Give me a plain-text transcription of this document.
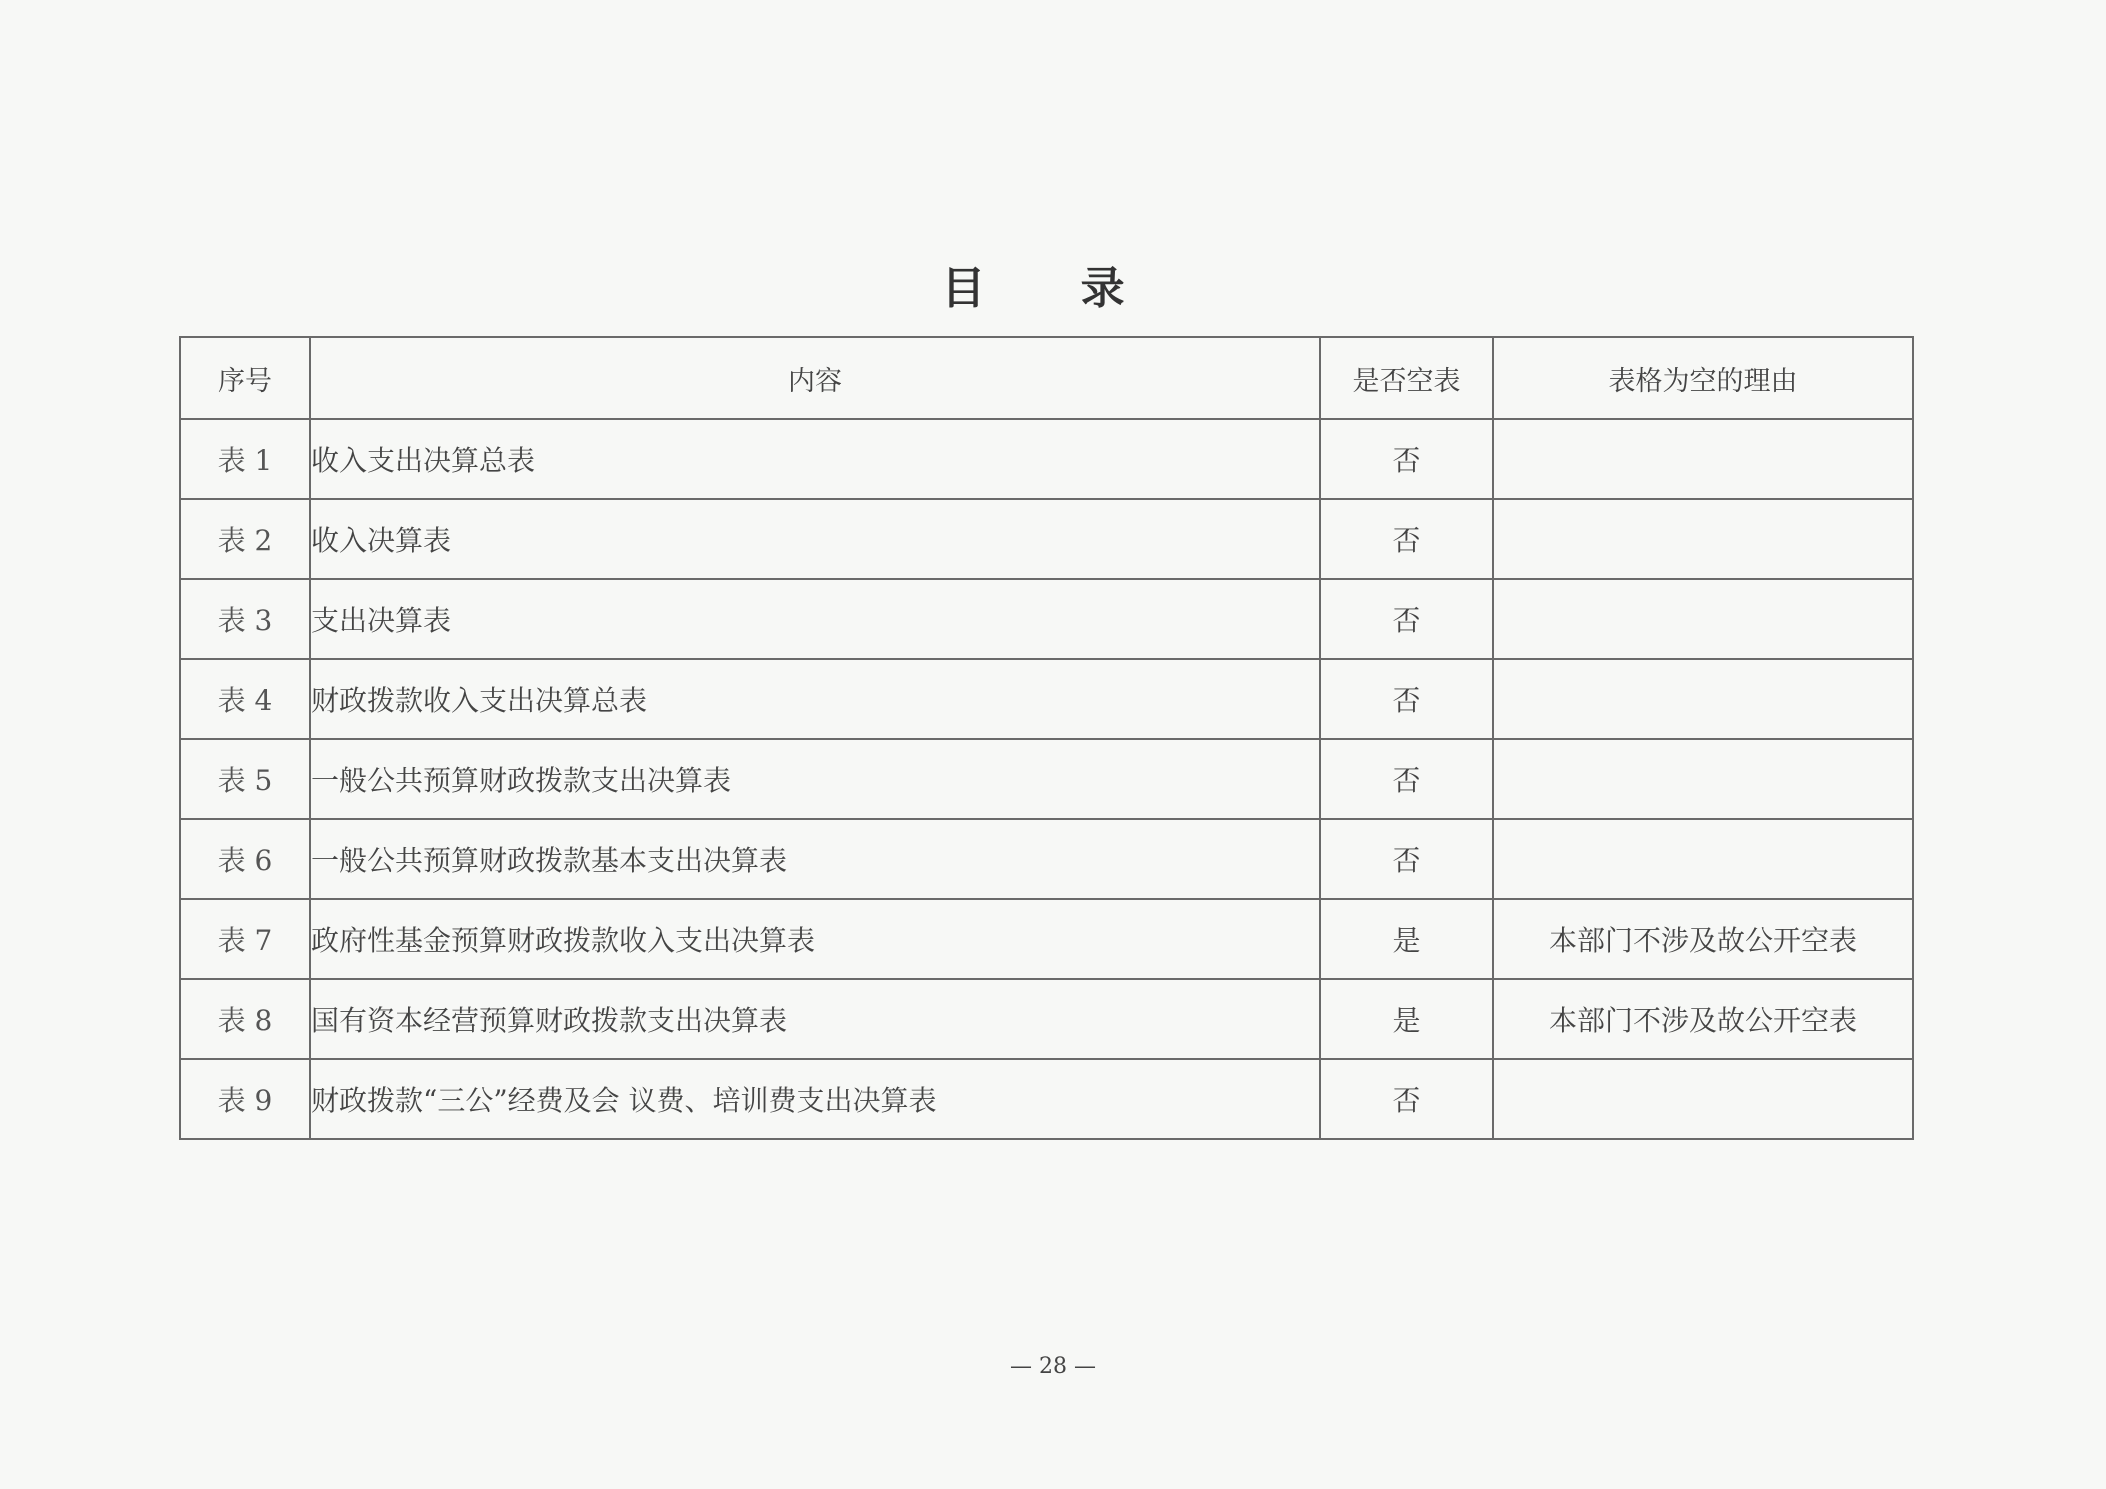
目 录
序号	内容	是否空表	表格为空的理由
表 1	收入支出决算总表	否	
表 2	收入决算表	否	
表 3	支出决算表	否	
表 4	财政拨款收入支出决算总表	否	
表 5	一般公共预算财政拨款支出决算表	否	
表 6	一般公共预算财政拨款基本支出决算表	否	
表 7	政府性基金预算财政拨款收入支出决算表	是	本部门不涉及故公开空表
表 8	国有资本经营预算财政拨款支出决算表	是	本部门不涉及故公开空表
表 9	财政拨款“三公”经费及会 议费、培训费支出决算表	否	
— 28 —
